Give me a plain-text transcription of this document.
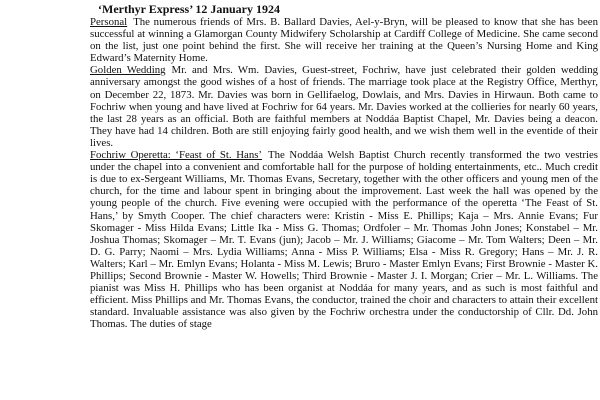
‘Merthyr Express’ 12 January 1924

Personal The numerous friends of Mrs. B. Ballard Davies, Ael-y-Bryn, will be pleased to know that she has been successful at winning a Glamorgan County Midwifery Scholarship at Cardiff College of Medicine. She came second on the list, just one point behind the first. She will receive her training at the Queen’s Nursing Home and King Edward’s Maternity Home.

Golden Wedding Mr. and Mrs. Wm. Davies, Guest-street, Fochriw, have just celebrated their golden wedding anniversary amongst the good wishes of a host of friends. The marriage took place at the Registry Office, Merthyr, on December 22, 1873. Mr. Davies was born in Gellifaelog, Dowlais, and Mrs. Davies in Hirwaun. Both came to Fochriw when young and have lived at Fochriw for 64 years. Mr. Davies worked at the collieries for nearly 60 years, the last 28 years as an official. Both are faithful members at Noddáa Baptist Chapel, Mr. Davies being a deacon. They have had 14 children. Both are still enjoying fairly good health, and we wish them well in the eventide of their lives.

Fochriw Operetta: ‘Feast of St. Hans’ The Noddáa Welsh Baptist Church recently transformed the two vestries under the chapel into a convenient and comfortable hall for the purpose of holding entertainments, etc.. Much credit is due to ex-Sergeant Williams, Mr. Thomas Evans, Secretary, together with the other officers and young men of the church, for the time and labour spent in bringing about the improvement. Last week the hall was opened by the young people of the church. Five evening were occupied with the performance of the operetta ‘The Feast of St. Hans,’ by Smyth Cooper. The chief characters were: Kristin - Miss E. Phillips; Kaja – Mrs. Annie Evans; Fur Skomager - Miss Hilda Evans; Little Ika - Miss G. Thomas; Ordfoler – Mr. Thomas John Jones; Konstabel – Mr. Joshua Thomas; Skomager – Mr. T. Evans (jun); Jacob – Mr. J. Williams; Giacome – Mr. Tom Walters; Deen – Mr. D. G. Parry; Naomi – Mrs. Lydia Williams; Anna - Miss P. Williams; Elsa - Miss R. Gregory; Hans – Mr. J. R. Walters; Karl – Mr. Emlyn Evans; Holanta - Miss M. Lewis; Bruro - Master Emlyn Evans; First Brownie - Master K. Phillips; Second Brownie - Master W. Howells; Third Brownie - Master J. I. Morgan; Crier – Mr. L. Williams. The pianist was Miss H. Phillips who has been organist at Noddáa for many years, and as such is most faithful and efficient. Miss Phillips and Mr. Thomas Evans, the conductor, trained the choir and characters to attain their excellent standard. Invaluable assistance was also given by the Fochriw orchestra under the conductorship of Cllr. Dd. John Thomas. The duties of stage
